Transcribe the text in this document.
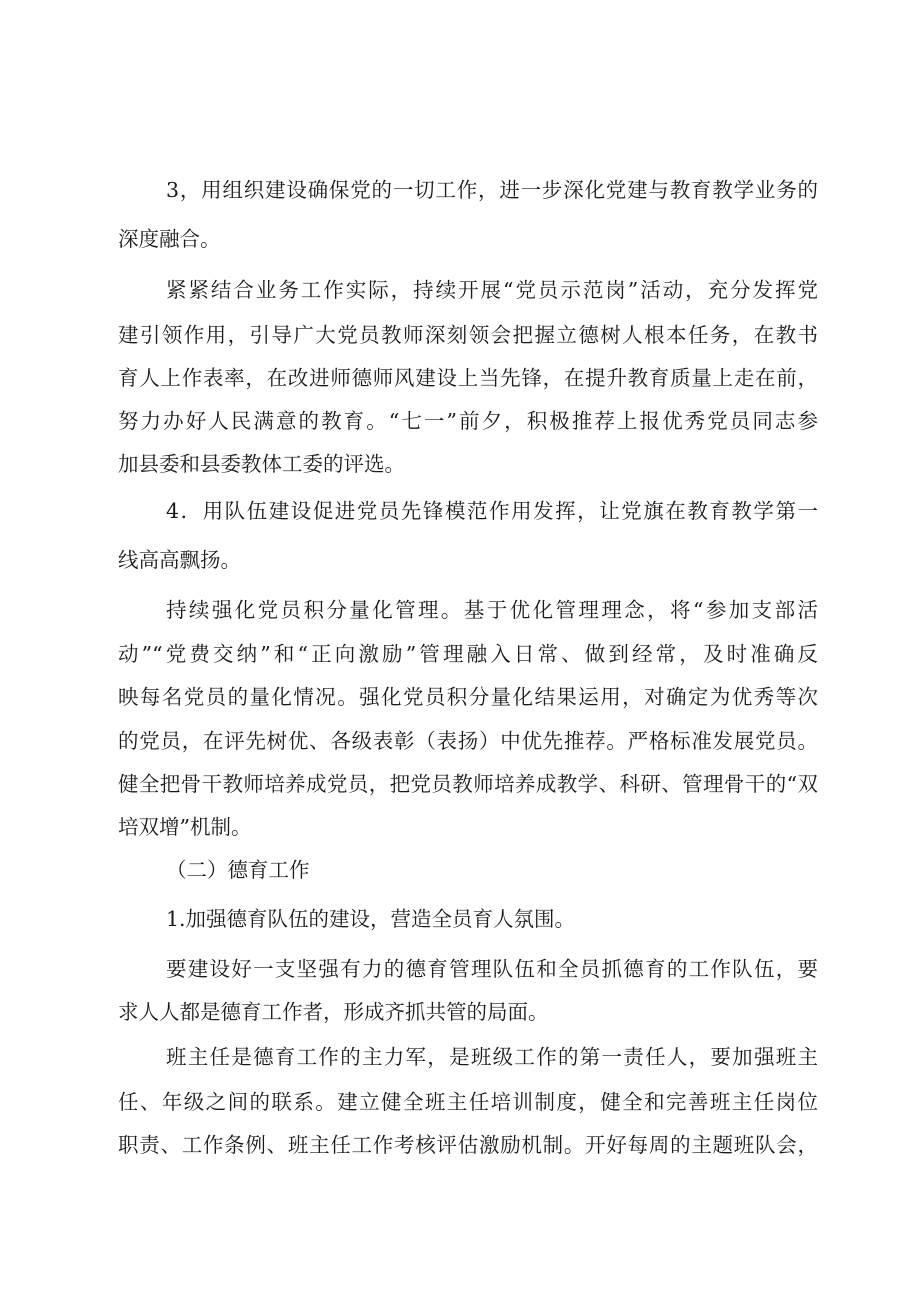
3，用组织建设确保党的一切工作，进一步深化党建与教育教学业务的
深度融合。
紧紧结合业务工作实际，持续开展“党员示范岗”活动，充分发挥党
建引领作用，引导广大党员教师深刻领会把握立德树人根本任务，在教书
育人上作表率，在改进师德师风建设上当先锋，在提升教育质量上走在前，
努力办好人民满意的教育。“七一”前夕，积极推荐上报优秀党员同志参
加县委和县委教体工委的评选。
4．用队伍建设促进党员先锋模范作用发挥，让党旗在教育教学第一
线高高飘扬。
持续强化党员积分量化管理。基于优化管理理念，将“参加支部活
动”“党费交纳”和“正向激励”管理融入日常、做到经常，及时准确反
映每名党员的量化情况。强化党员积分量化结果运用，对确定为优秀等次
的党员，在评先树优、各级表彰（表扬）中优先推荐。严格标准发展党员。
健全把骨干教师培养成党员，把党员教师培养成教学、科研、管理骨干的“双
培双增”机制。
（二）德育工作
1.加强德育队伍的建设，营造全员育人氛围。
要建设好一支坚强有力的德育管理队伍和全员抓德育的工作队伍，要
求人人都是德育工作者，形成齐抓共管的局面。
班主任是德育工作的主力军，是班级工作的第一责任人，要加强班主
任、年级之间的联系。建立健全班主任培训制度，健全和完善班主任岗位
职责、工作条例、班主任工作考核评估激励机制。开好每周的主题班队会，
